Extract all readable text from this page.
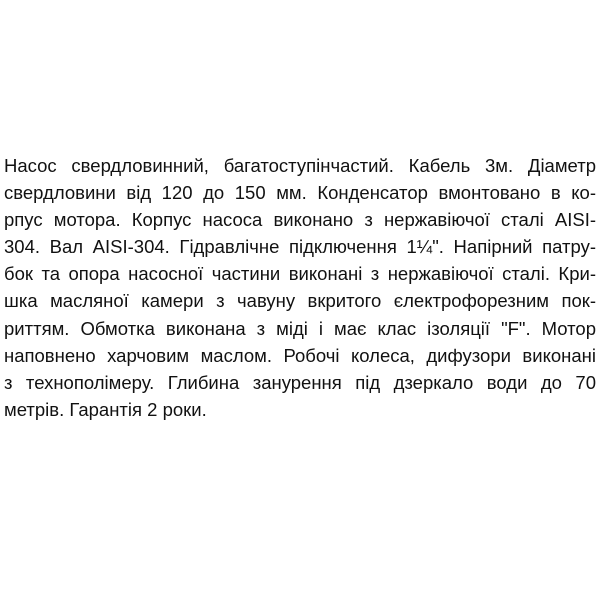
Насос свердловинний, багатоступінчастий. Кабель 3м. Діаметр
свердловини від 120 до 150 мм. Конденсатор вмонтовано в ко-
рпус мотора. Корпус насоса виконано з нержавіючої сталі AISI-
304. Вал AISI-304. Гідравлічне підключення 1¼". Напірний патру-
бок та опора насосної частини виконані з нержавіючої сталі. Кри-
шка масляної камери з чавуну вкритого єлектрофорезним пок-
риттям. Обмотка виконана з міді і має клас ізоляції "F". Мотор
наповнено харчовим маслом. Робочі колеса, дифузори виконані
з технополімеру. Глибина занурення під дзеркало води до 70
метрів. Гарантія 2 роки.
